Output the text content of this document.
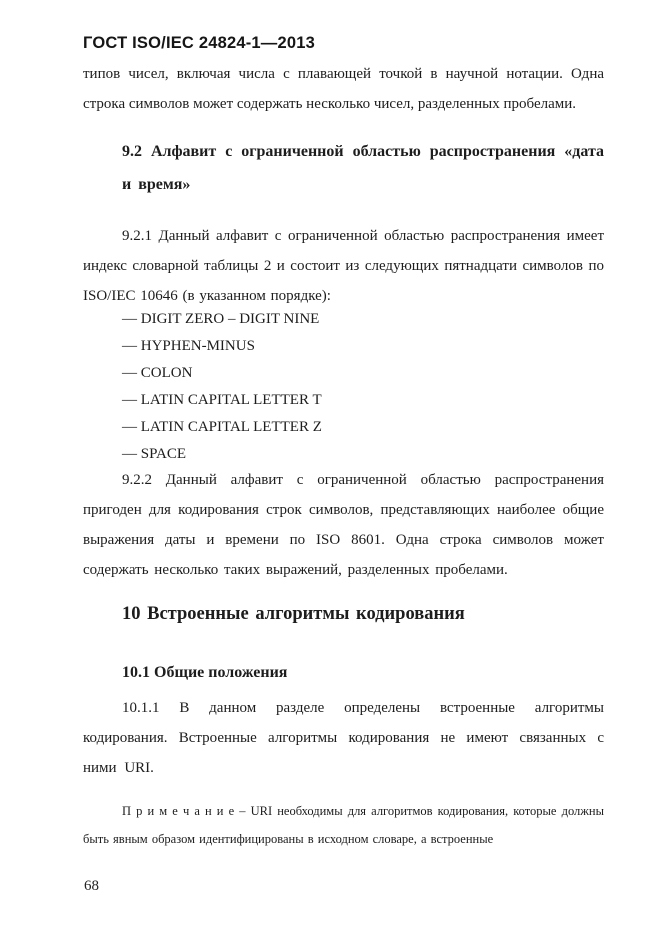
ГОСТ ISO/IEC 24824-1—2013

типов чисел, включая числа с плавающей точкой в научной нотации. Одна строка символов может содержать несколько чисел, разделенных пробелами.

9.2 Алфавит с ограниченной областью распространения «дата и время»

9.2.1 Данный алфавит с ограниченной областью распространения имеет индекс словарной таблицы 2 и состоит из следующих пятнадцати символов по ISO/IEC 10646 (в указанном порядке):

— DIGIT ZERO – DIGIT NINE
— HYPHEN-MINUS
— COLON
— LATIN CAPITAL LETTER T
— LATIN CAPITAL LETTER Z
— SPACE

9.2.2 Данный алфавит с ограниченной областью распространения пригоден для кодирования строк символов, представляющих наиболее общие выражения даты и времени по ISO 8601. Одна строка символов может содержать несколько таких выражений, разделенных пробелами.

10 Встроенные алгоритмы кодирования
10.1 Общие положения

10.1.1 В данном разделе определены встроенные алгоритмы кодирования. Встроенные алгоритмы кодирования не имеют связанных с ними URI.

П р и м е ч а н и е – URI необходимы для алгоритмов кодирования, которые должны быть явным образом идентифицированы в исходном словаре, а встроенные

68
